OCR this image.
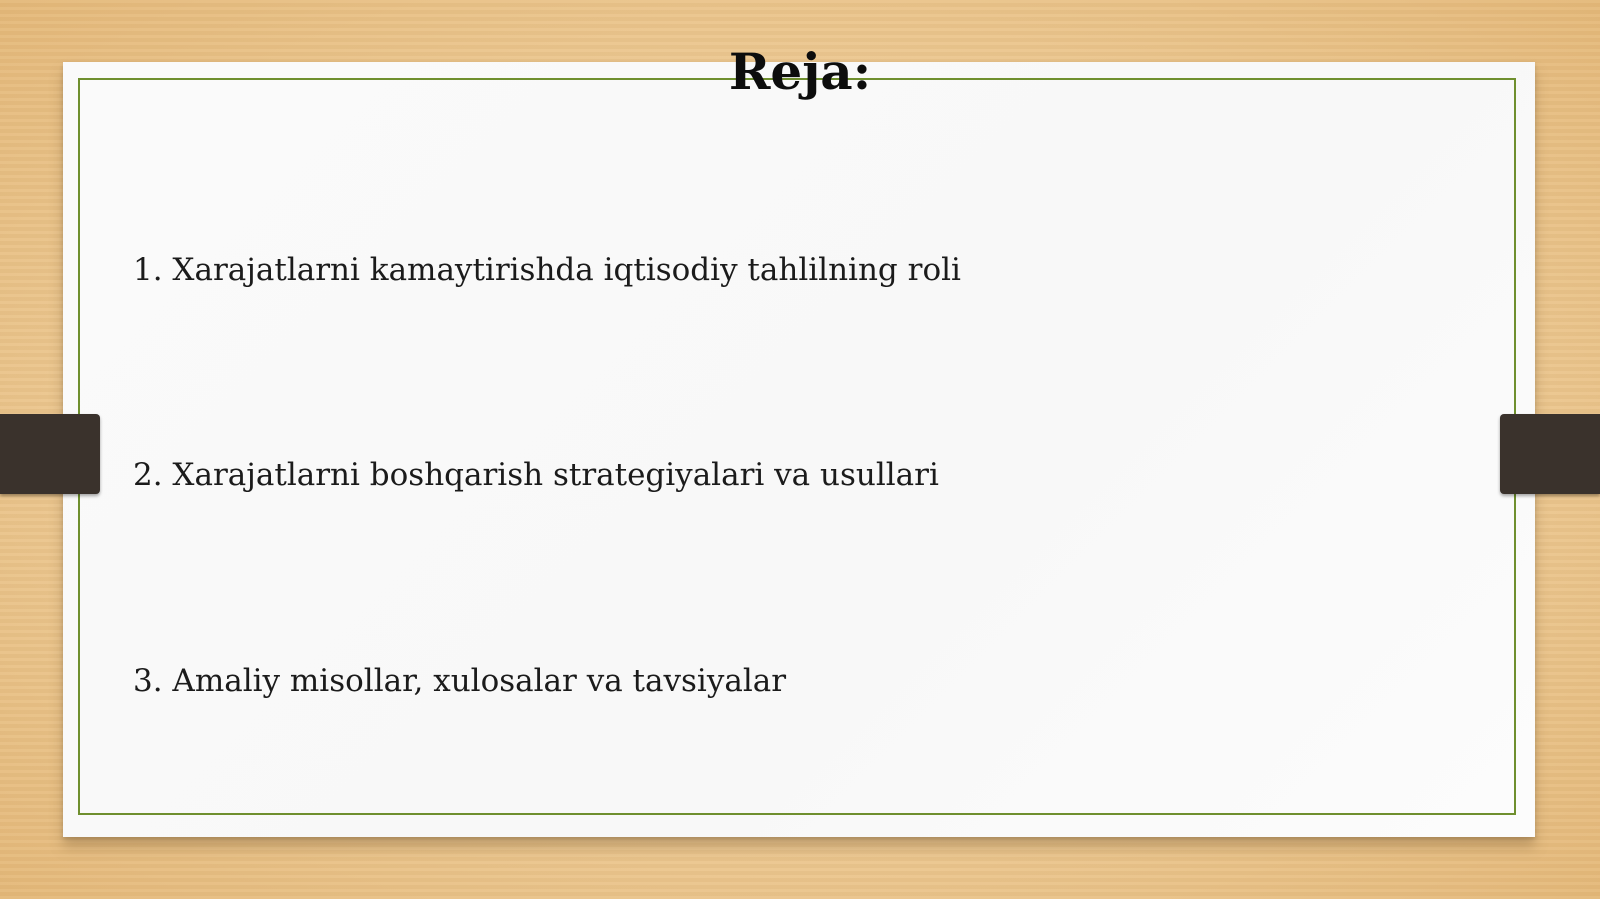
Reja:
1. Xarajatlarni kamaytirishda iqtisodiy tahlilning roli
2. Xarajatlarni boshqarish strategiyalari va usullari
3. Amaliy misollar, xulosalar va tavsiyalar
